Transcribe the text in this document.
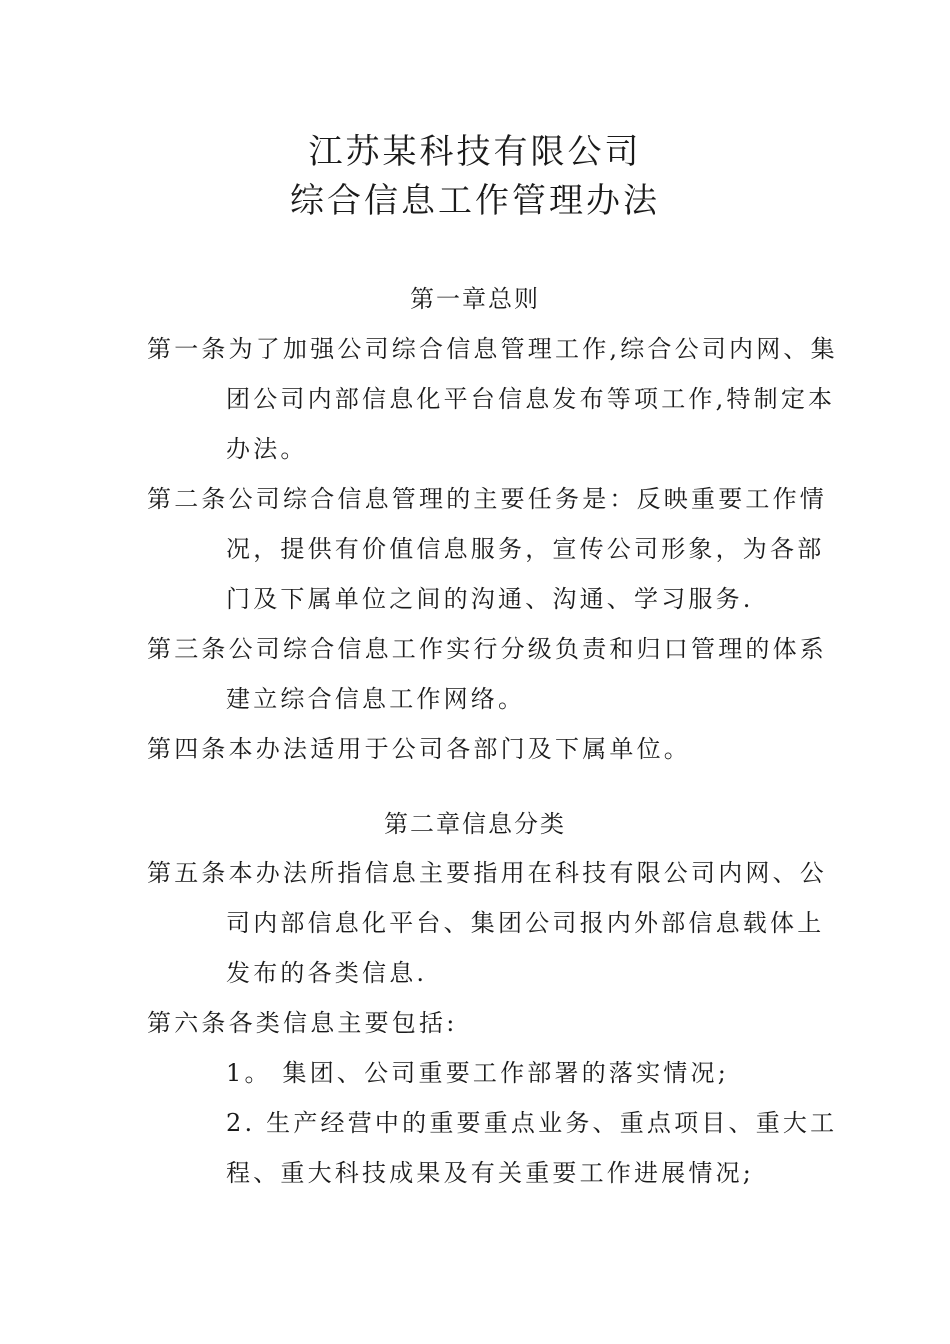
江苏某科技有限公司
综合信息工作管理办法
第一章总则
第一条为了加强公司综合信息管理工作,综合公司内网、集
团公司内部信息化平台信息发布等项工作,特制定本
办法。
第二条公司综合信息管理的主要任务是：反映重要工作情
况，提供有价值信息服务，宣传公司形象，为各部
门及下属单位之间的沟通、沟通、学习服务.
第三条公司综合信息工作实行分级负责和归口管理的体系
建立综合信息工作网络。
第四条本办法适用于公司各部门及下属单位。
第二章信息分类
第五条本办法所指信息主要指用在科技有限公司内网、公
司内部信息化平台、集团公司报内外部信息载体上
发布的各类信息.
第六条各类信息主要包括:
1。 集团、公司重要工作部署的落实情况;
2. 生产经营中的重要重点业务、重点项目、重大工
程、重大科技成果及有关重要工作进展情况;
